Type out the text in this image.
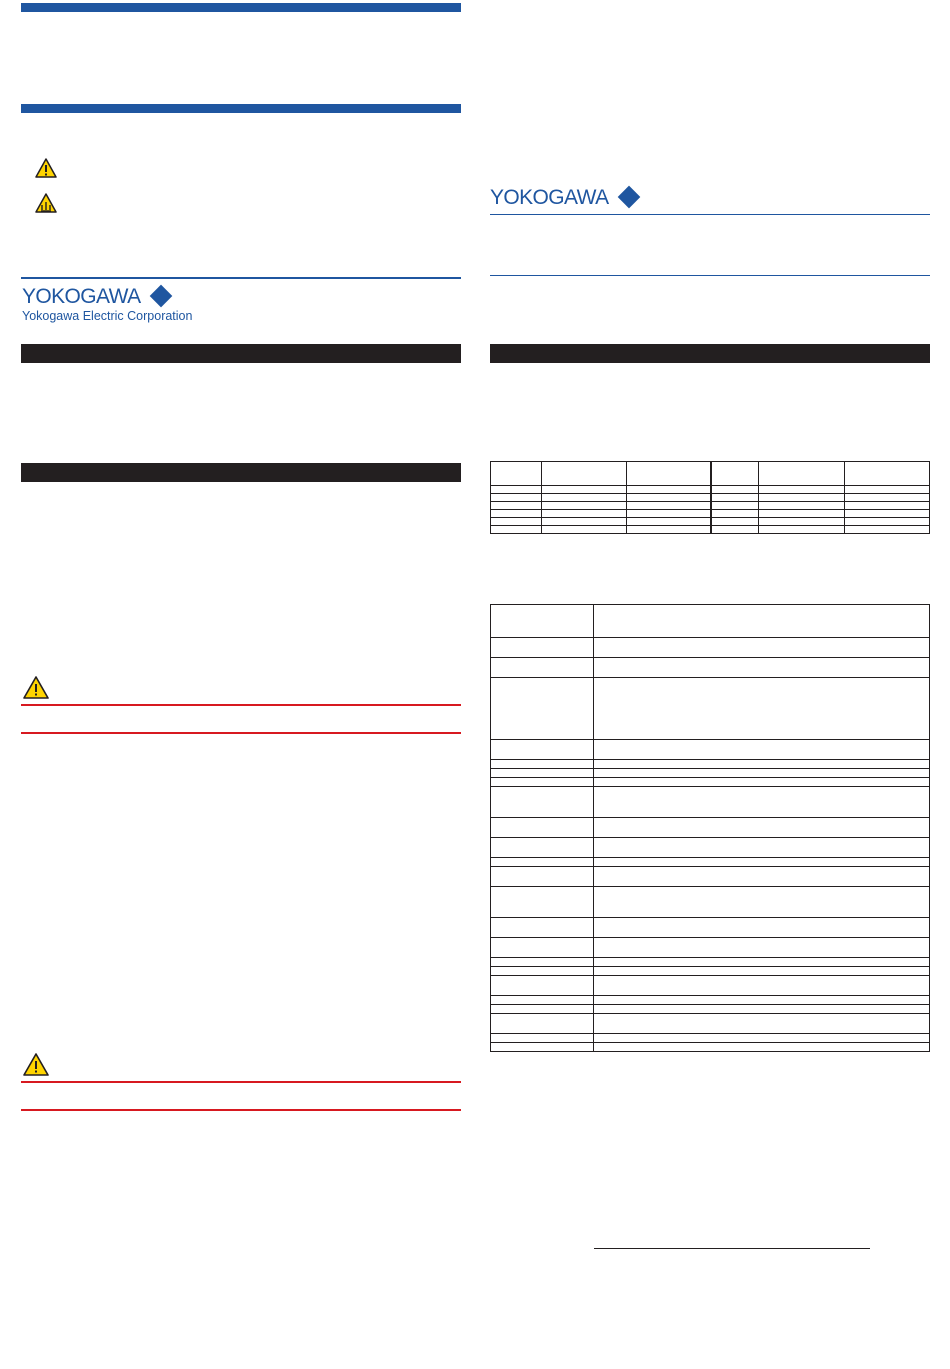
YOKOGAWA
Yokogawa Electric Corporation
YOKOGAWA
